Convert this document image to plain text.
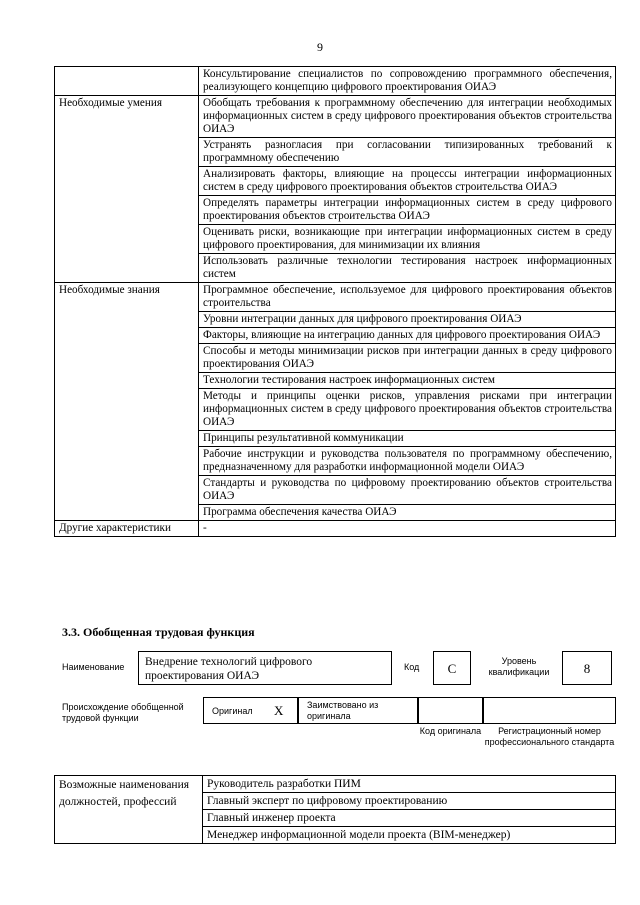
9
	Консультирование специалистов по сопровождению программного обеспечения, реализующего концепцию цифрового проектирования ОИАЭ
Необходимые умения	Обобщать требования к программному обеспечению для интеграции необходимых информационных систем в среду цифрового проектирования объектов строительства ОИАЭ
	Устранять разногласия при согласовании типизированных требований к программному обеспечению
	Анализировать факторы, влияющие на процессы интеграции информационных систем в среду цифрового проектирования объектов строительства ОИАЭ
	Определять параметры интеграции информационных систем в среду цифрового проектирования объектов строительства ОИАЭ
	Оценивать риски, возникающие при интеграции информационных систем в среду цифрового проектирования, для минимизации их влияния
	Использовать различные технологии тестирования настроек информационных систем
Необходимые знания	Программное обеспечение, используемое для цифрового проектирования объектов строительства
	Уровни интеграции данных для цифрового проектирования ОИАЭ
	Факторы, влияющие на интеграцию данных для цифрового проектирования ОИАЭ
	Способы и методы минимизации рисков при интеграции данных в среду цифрового проектирования ОИАЭ
	Технологии тестирования настроек информационных систем
	Методы и принципы оценки рисков, управления рисками при интеграции информационных систем в среду цифрового проектирования объектов строительства ОИАЭ
	Принципы результативной коммуникации
	Рабочие инструкции и руководства пользователя по программному обеспечению, предназначенному для разработки информационной модели ОИАЭ
	Стандарты и руководства по цифровому проектированию объектов строительства ОИАЭ
	Программа обеспечения качества ОИАЭ
Другие характеристики	-
3.3. Обобщенная трудовая функция
Наименование Внедрение технологий цифрового проектирования ОИАЭ
Код	С	Уровень квалификации	8
Происхождение обобщенной трудовой функции
Оригинал Х	Заимствовано из оригинала
Код оригинала	Регистрационный номер профессионального стандарта
Возможные наименования должностей, профессий	Руководитель разработки ПИМ
Главный эксперт по цифровому проектированию
Главный инженер проекта
Менеджер информационной модели проекта (BIM-менеджер)
